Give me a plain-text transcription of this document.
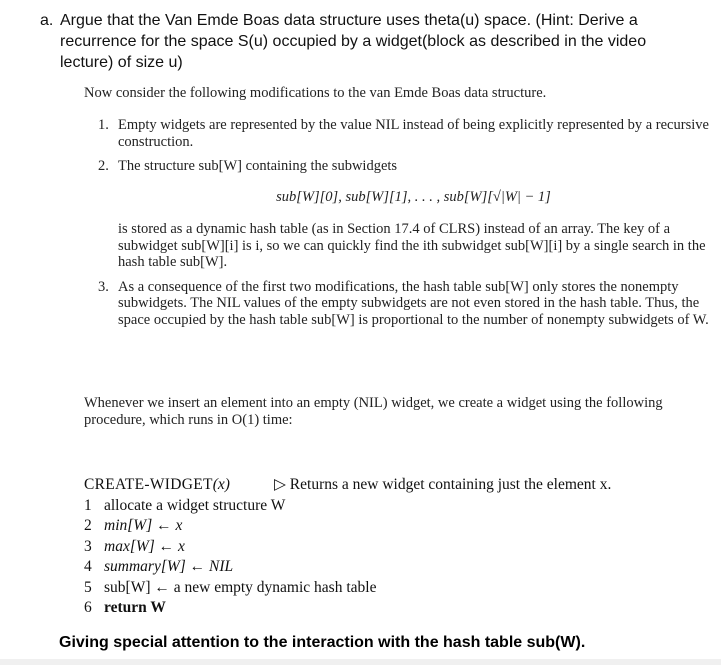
a. Argue that the Van Emde Boas data structure uses theta(u) space. (Hint: Derive a recurrence for the space S(u) occupied by a widget(block as described in the video lecture) of size u)
Now consider the following modifications to the van Emde Boas data structure.
1. Empty widgets are represented by the value NIL instead of being explicitly represented by a recursive construction.
2. The structure sub[W] containing the subwidgets
sub[W][0], sub[W][1], . . . , sub[W][√|W| − 1]
is stored as a dynamic hash table (as in Section 17.4 of CLRS) instead of an array. The key of a subwidget sub[W][i] is i, so we can quickly find the ith subwidget sub[W][i] by a single search in the hash table sub[W].
3. As a consequence of the first two modifications, the hash table sub[W] only stores the nonempty subwidgets. The NIL values of the empty subwidgets are not even stored in the hash table. Thus, the space occupied by the hash table sub[W] is proportional to the number of nonempty subwidgets of W.
Whenever we insert an element into an empty (NIL) widget, we create a widget using the following procedure, which runs in O(1) time:
CREATE-WIDGET(x)	▷ Returns a new widget containing just the element x.
1 allocate a widget structure W
2 min[W] ← x
3 max[W] ← x
4 summary[W] ← NIL
5 sub[W] ← a new empty dynamic hash table
6 return W
Giving special attention to the interaction with the hash table sub(W).
